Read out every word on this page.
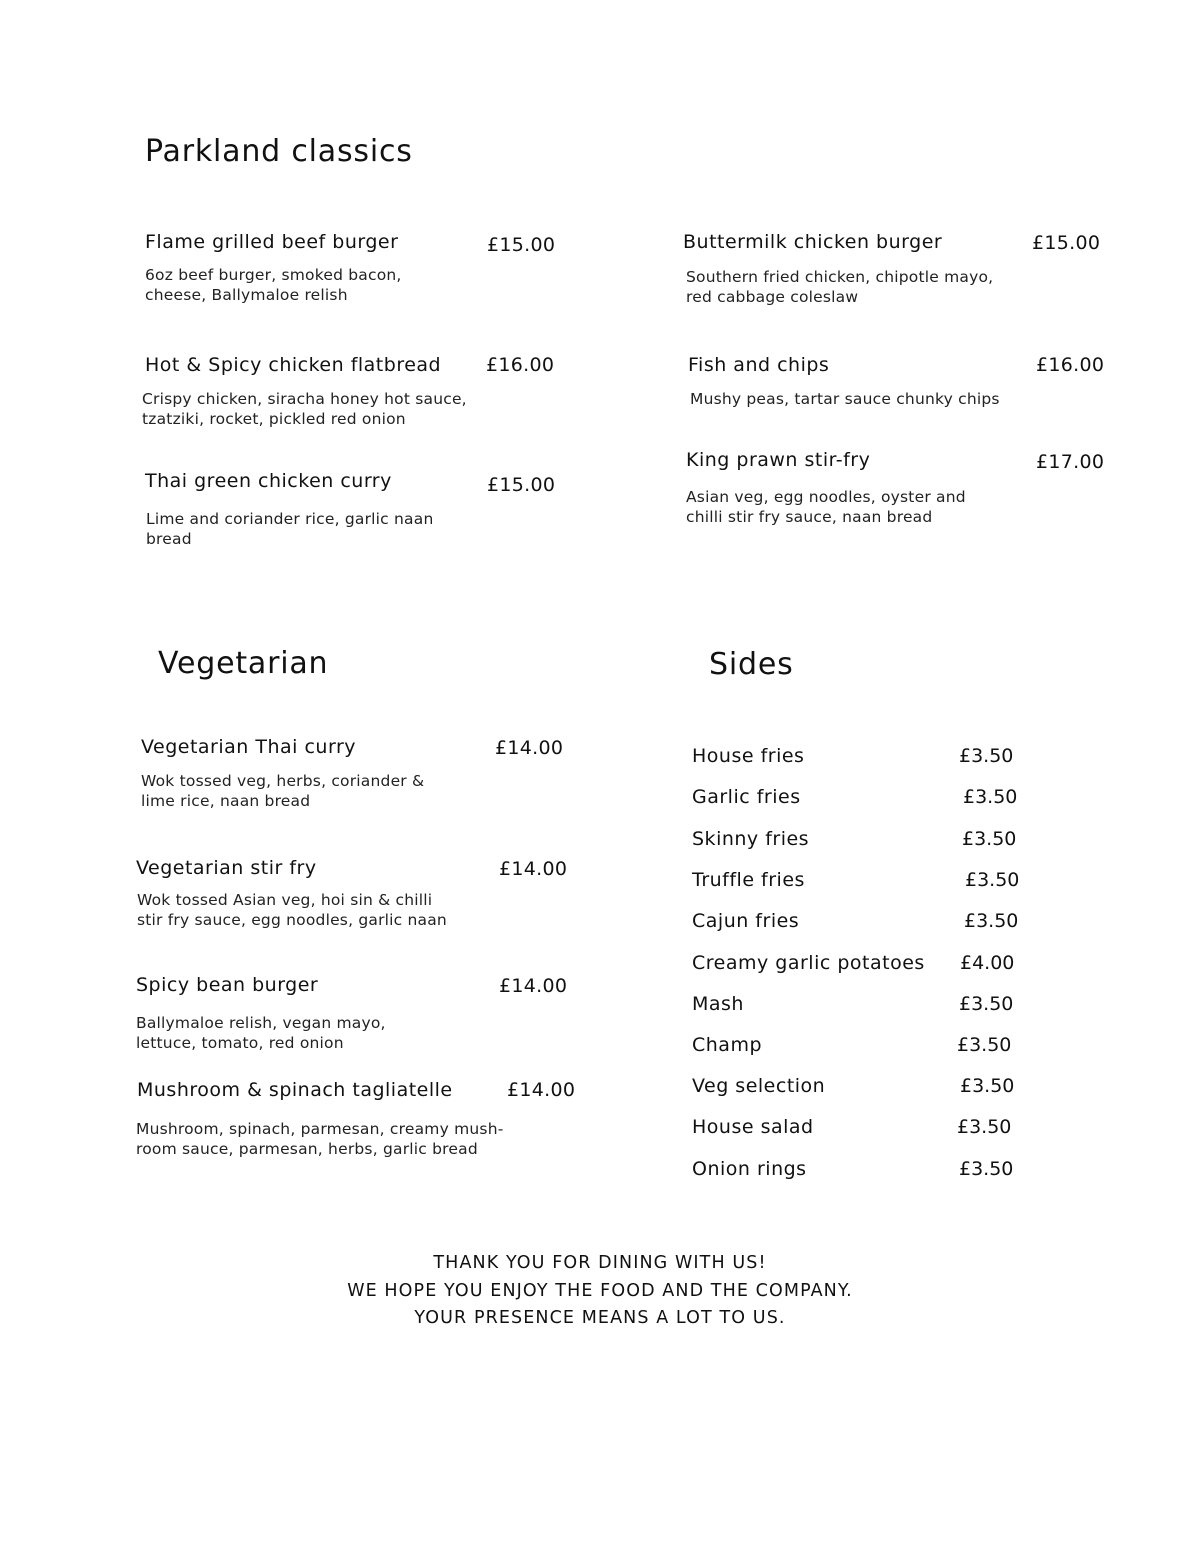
Parkland classics
Flame grilled beef burger	£15.00
6oz beef burger, smoked bacon,
cheese, Ballymaloe relish
Hot & Spicy chicken flatbread £16.00
Crispy chicken, siracha honey hot sauce,
tzatziki, rocket, pickled red onion
Thai green chicken curry	£15.00
Lime and coriander rice, garlic naan
bread
Buttermilk chicken burger	£15.00
Southern fried chicken, chipotle mayo,
red cabbage coleslaw
Fish and chips	£16.00
Mushy peas, tartar sauce chunky chips
King prawn stir-fry	£17.00
Asian veg, egg noodles, oyster and
chilli stir fry sauce, naan bread
Vegetarian
Vegetarian Thai curry	£14.00
Wok tossed veg, herbs, coriander &
lime rice, naan bread
Vegetarian stir fry	£14.00
Wok tossed Asian veg, hoi sin & chilli
stir fry sauce, egg noodles, garlic naan
Spicy bean burger	£14.00
Ballymaloe relish, vegan mayo,
lettuce, tomato, red onion
Mushroom & spinach tagliatelle	£14.00
Mushroom, spinach, parmesan, creamy mush-
room sauce, parmesan, herbs, garlic bread
Sides
House fries	£3.50
Garlic fries	£3.50
Skinny fries	£3.50
Truffle fries	£3.50
Cajun fries	£3.50
Creamy garlic potatoes £4.00
Mash	£3.50
Champ	£3.50
Veg selection	£3.50
House salad	£3.50
Onion rings	£3.50
THANK YOU FOR DINING WITH US!
WE HOPE YOU ENJOY THE FOOD AND THE COMPANY.
YOUR PRESENCE MEANS A LOT TO US.
